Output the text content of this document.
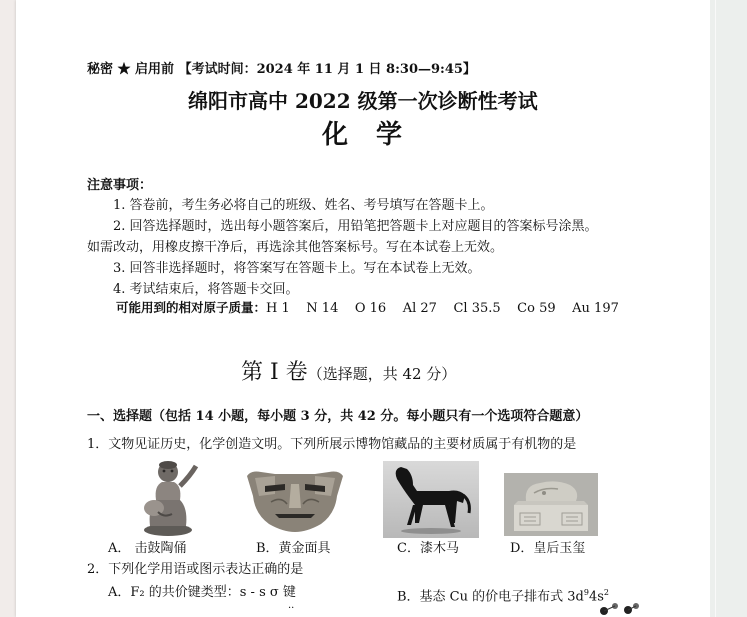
秘密 ★ 启用前 【考试时间：2024 年 11 月 1 日 8:30—9:45】
绵阳市高中 2022 级第一次诊断性考试
化学
注意事项：
1. 答卷前，考生务必将自己的班级、姓名、考号填写在答题卡上。
2. 回答选择题时，选出每小题答案后，用铅笔把答题卡上对应题目的答案标号涂黑。
如需改动，用橡皮擦干净后，再选涂其他答案标号。写在本试卷上无效。
3. 回答非选择题时，将答案写在答题卡上。写在本试卷上无效。
4. 考试结束后，将答题卡交回。
可能用到的相对原子质量：H 1    N 14    O 16    Al 27    Cl 35.5    Co 59    Au 197
第 I 卷（选择题，共 42 分）
一、选择题（包括 14 小题，每小题 3 分，共 42 分。每小题只有一个选项符合题意）
1．文物见证历史，化学创造文明。下列所展示博物馆藏品的主要材质属于有机物的是
A． 击鼓陶俑	B．黄金面具	C．漆木马	D．皇后玉玺
2．下列化学用语或图示表达正确的是
A．F₂ 的共价键类型：s - s σ 键	B．基态 Cu 的价电子排布式 $3d^94s^2$
··
